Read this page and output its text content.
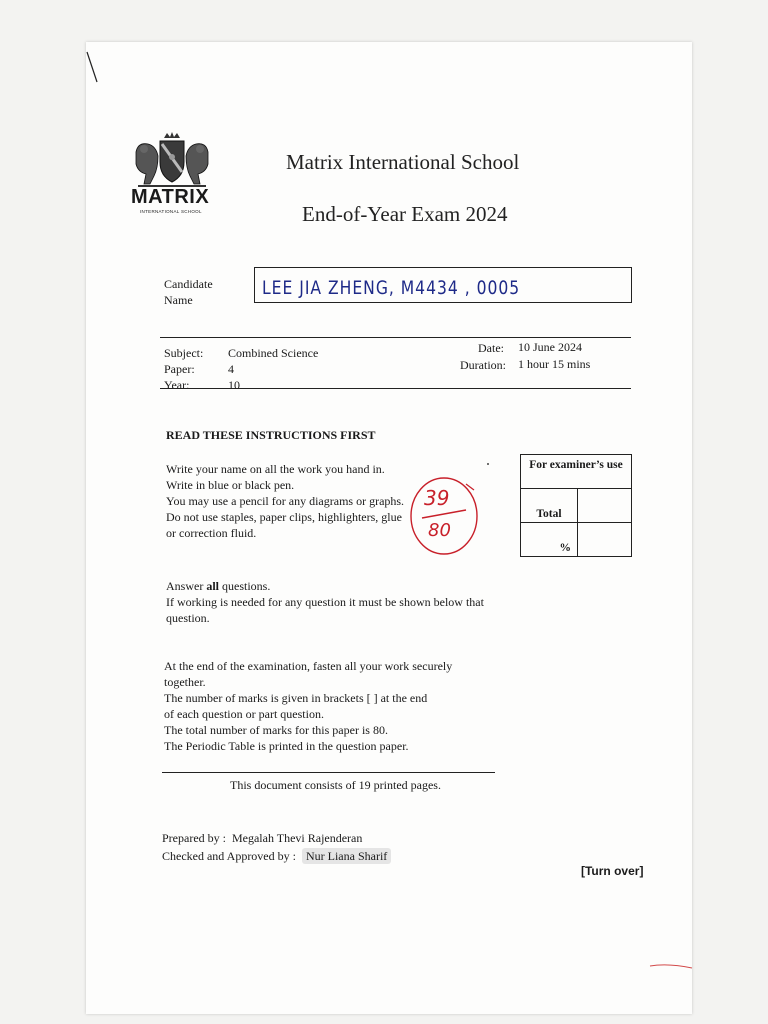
MATRIX
INTERNATIONAL SCHOOL
Matrix International School
End-of-Year Exam 2024
Candidate
Name
LEE JIA ZHENG, M4434 , 0005
Subject: Combined Science
Paper:	4
Year:	10
Date: 10 June 2024
Duration: 1 hour 15 mins
READ THESE INSTRUCTIONS FIRST
Write your name on all the work you hand in.
Write in blue or black pen.
You may use a pencil for any diagrams or graphs.
Do not use staples, paper clips, highlighters, glue
or correction fluid.
Answer all questions.
If working is needed for any question it must be shown below that
question.
At the end of the examination, fasten all your work securely
together.
The number of marks is given in brackets [ ] at the end
of each question or part question.
The total number of marks for this paper is 80.
The Periodic Table is printed in the question paper.
39
80
For examiner’s use	
Total	
%	
This document consists of 19 printed pages.
Prepared by : Megalah Thevi Rajenderan
Checked and Approved by : Nur Liana Sharif
[Turn over]
